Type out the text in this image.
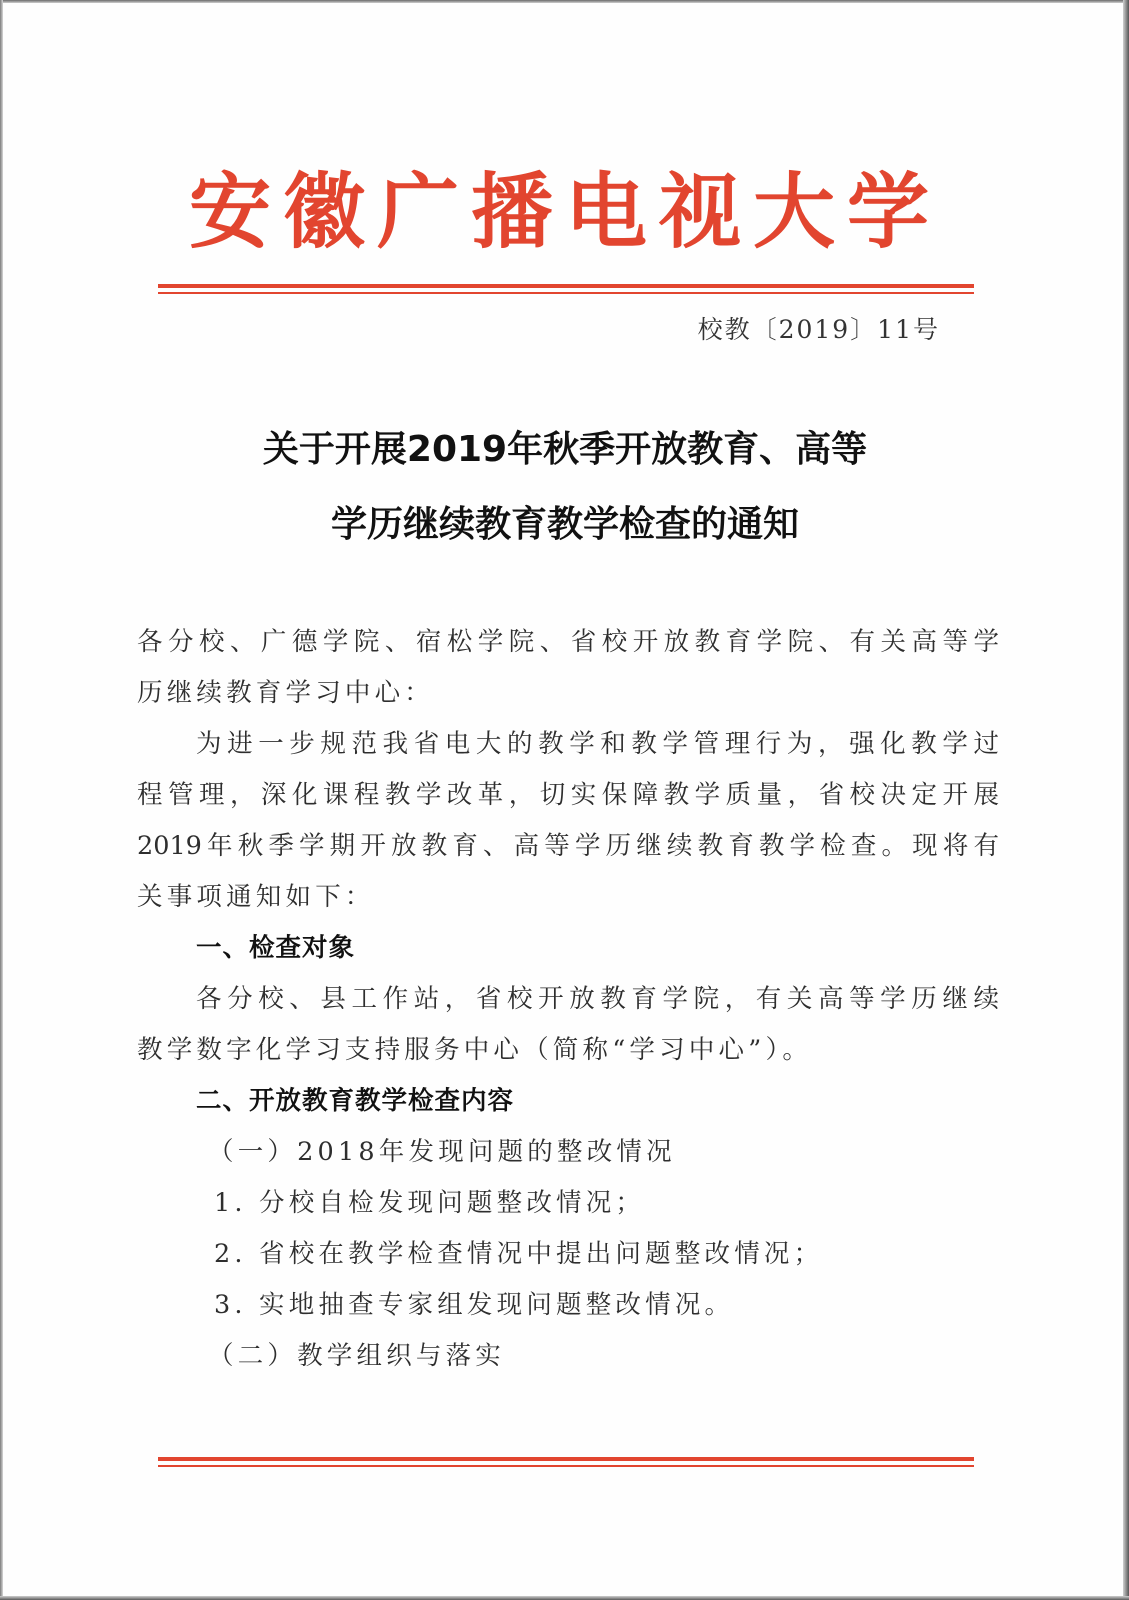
安徽广播电视大学
校教〔2019〕11号
关于开展2019年秋季开放教育、高等
学历继续教育教学检查的通知
各分校、广德学院、宿松学院、省校开放教育学院、有关高等学
历继续教育学习中心：
为进一步规范我省电大的教学和教学管理行为，强化教学过
程管理，深化课程教学改革，切实保障教学质量，省校决定开展
2019年秋季学期开放教育、高等学历继续教育教学检查。现将有
关事项通知如下：
一、检查对象
各分校、县工作站，省校开放教育学院，有关高等学历继续
教学数字化学习支持服务中心（简称“学习中心”）。
二、开放教育教学检查内容
（一）2018年发现问题的整改情况
1. 分校自检发现问题整改情况；
2. 省校在教学检查情况中提出问题整改情况；
3. 实地抽查专家组发现问题整改情况。
（二）教学组织与落实
